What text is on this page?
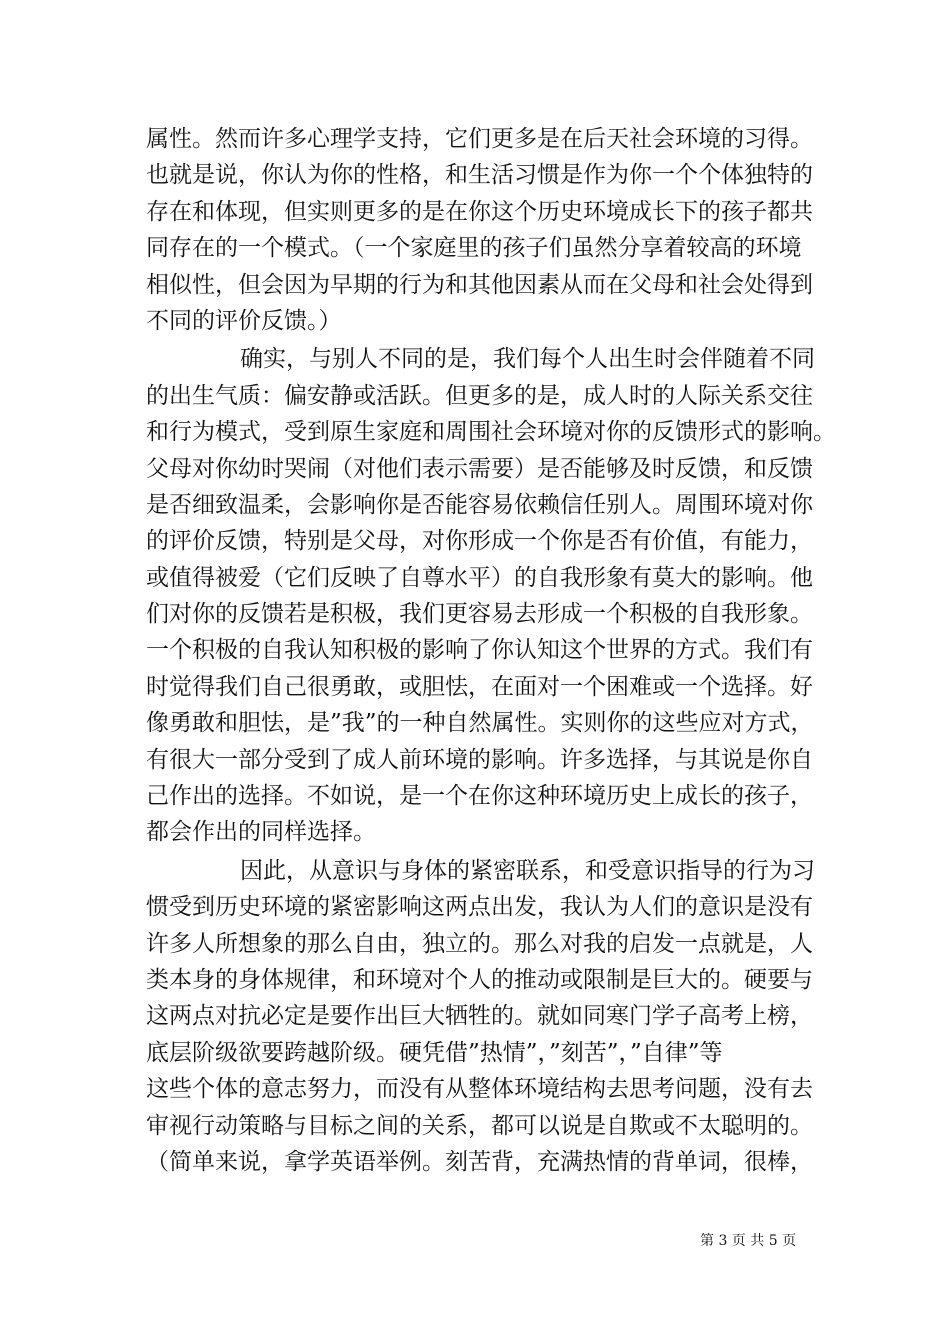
属性。然而许多心理学支持，它们更多是在后天社会环境的习得。
也就是说，你认为你的性格，和生活习惯是作为你一个个体独特的
存在和体现，但实则更多的是在你这个历史环境成长下的孩子都共
同存在的一个模式。（一个家庭里的孩子们虽然分享着较高的环境
相似性，但会因为早期的行为和其他因素从而在父母和社会处得到
不同的评价反馈。）
确实，与别人不同的是，我们每个人出生时会伴随着不同
的出生气质：偏安静或活跃。但更多的是，成人时的人际关系交往
和行为模式，受到原生家庭和周围社会环境对你的反馈形式的影响。
父母对你幼时哭闹（对他们表示需要）是否能够及时反馈，和反馈
是否细致温柔，会影响你是否能容易依赖信任别人。周围环境对你
的评价反馈，特别是父母，对你形成一个你是否有价值，有能力，
或值得被爱（它们反映了自尊水平）的自我形象有莫大的影响。他
们对你的反馈若是积极，我们更容易去形成一个积极的自我形象。
一个积极的自我认知积极的影响了你认知这个世界的方式。我们有
时觉得我们自己很勇敢，或胆怯，在面对一个困难或一个选择。好
像勇敢和胆怯，是”我”的一种自然属性。实则你的这些应对方式，
有很大一部分受到了成人前环境的影响。许多选择，与其说是你自
己作出的选择。不如说，是一个在你这种环境历史上成长的孩子，
都会作出的同样选择。
因此，从意识与身体的紧密联系，和受意识指导的行为习
惯受到历史环境的紧密影响这两点出发，我认为人们的意识是没有
许多人所想象的那么自由，独立的。那么对我的启发一点就是，人
类本身的身体规律，和环境对个人的推动或限制是巨大的。硬要与
这两点对抗必定是要作出巨大牺牲的。就如同寒门学子高考上榜，
底层阶级欲要跨越阶级。硬凭借”热情”，”刻苦”，”自律”等
这些个体的意志努力，而没有从整体环境结构去思考问题，没有去
审视行动策略与目标之间的关系，都可以说是自欺或不太聪明的。
（简单来说，拿学英语举例。刻苦背，充满热情的背单词，很棒，
第 3 页 共 5 页
